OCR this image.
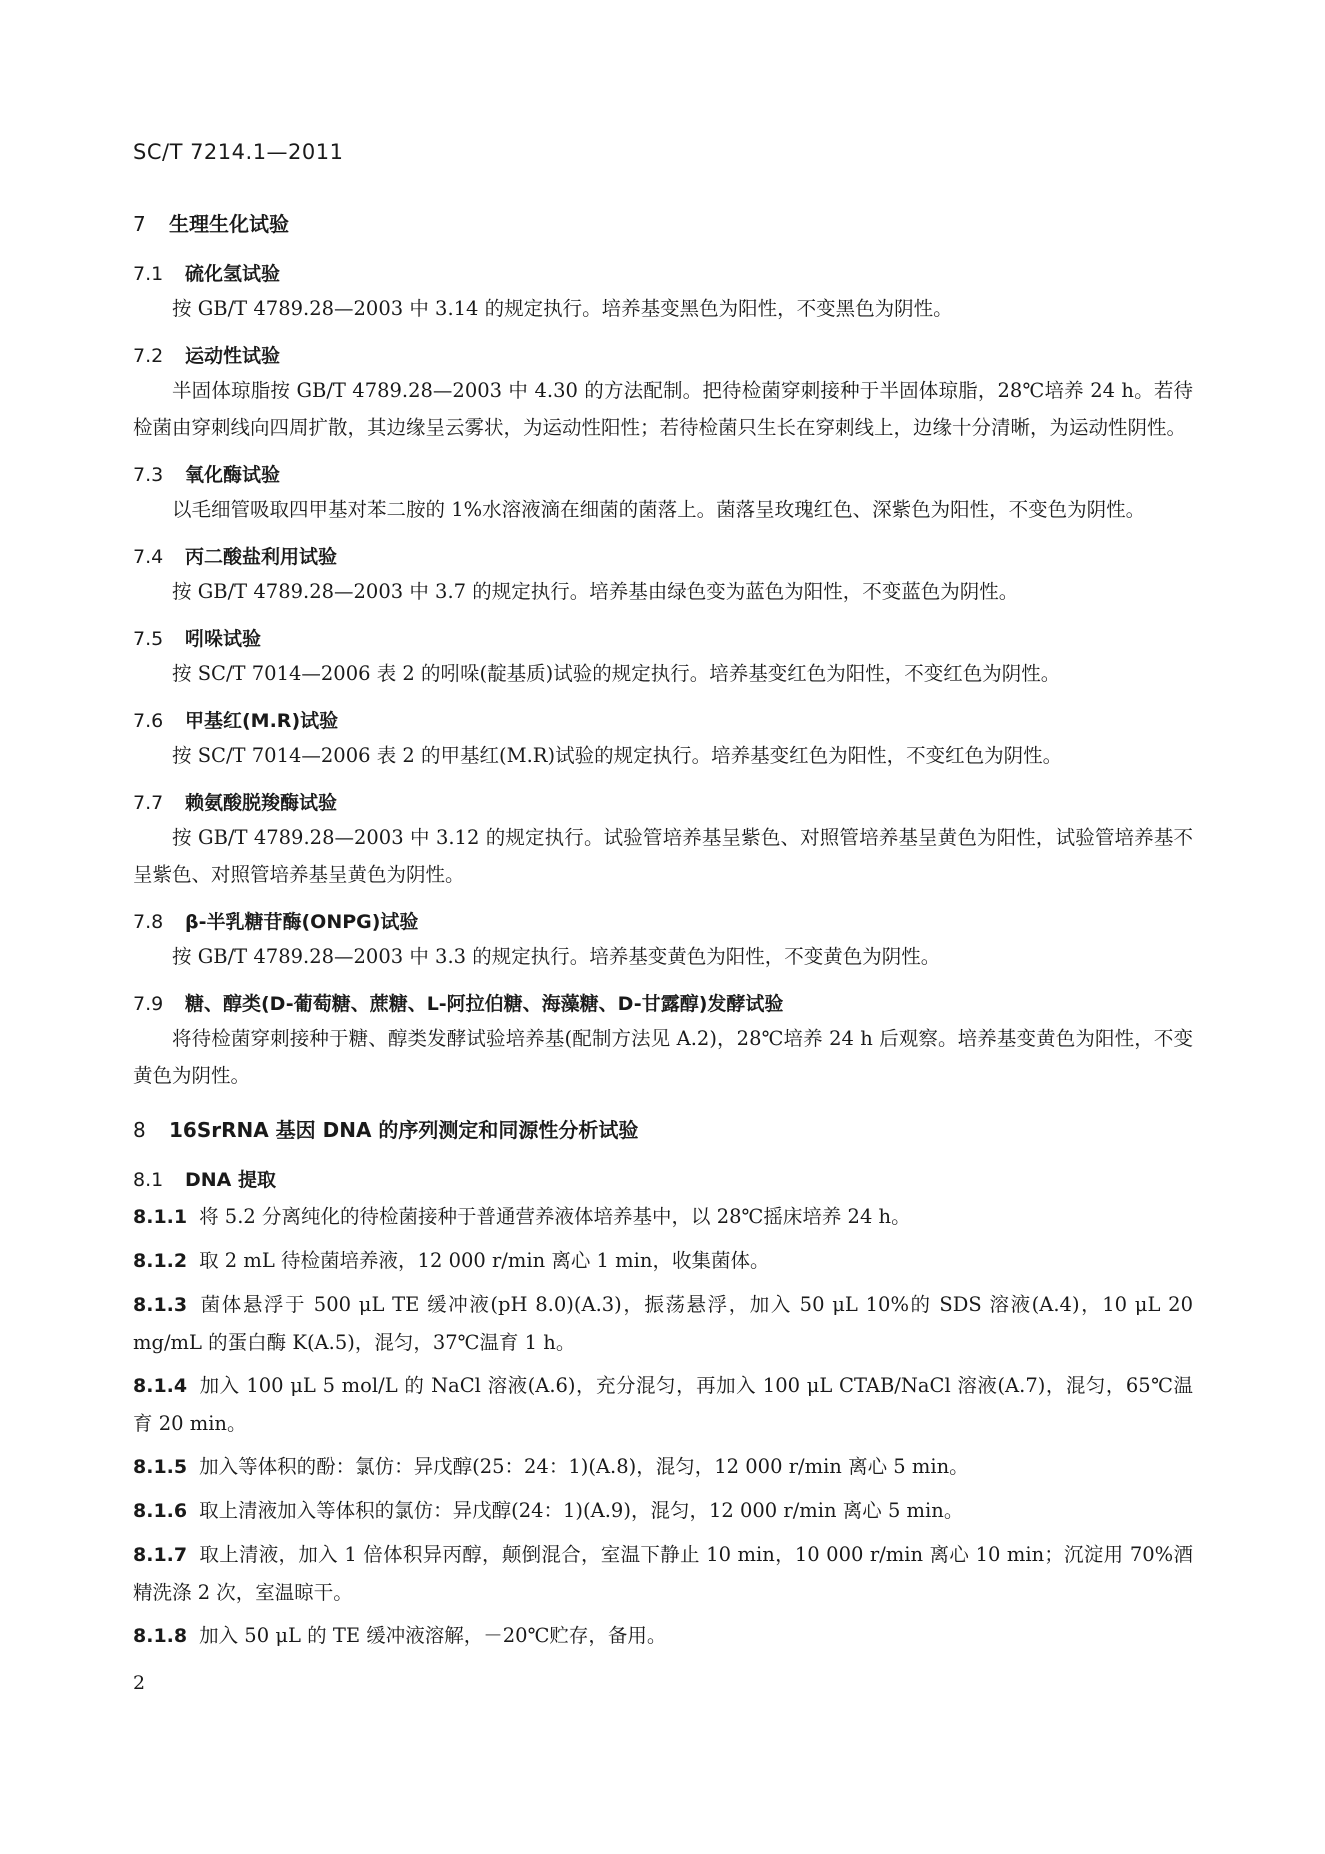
SC/T 7214.1—2011
7 生理生化试验
7.1 硫化氢试验

按 GB/T 4789.28—2003 中 3.14 的规定执行。培养基变黑色为阳性，不变黑色为阴性。

7.2 运动性试验

半固体琼脂按 GB/T 4789.28—2003 中 4.30 的方法配制。把待检菌穿刺接种于半固体琼脂，28℃培养 24 h。若待检菌由穿刺线向四周扩散，其边缘呈云雾状，为运动性阳性；若待检菌只生长在穿刺线上，边缘十分清晰，为运动性阴性。

7.3 氧化酶试验

以毛细管吸取四甲基对苯二胺的 1%水溶液滴在细菌的菌落上。菌落呈玫瑰红色、深紫色为阳性，不变色为阴性。

7.4 丙二酸盐利用试验

按 GB/T 4789.28—2003 中 3.7 的规定执行。培养基由绿色变为蓝色为阳性，不变蓝色为阴性。

7.5 吲哚试验

按 SC/T 7014—2006 表 2 的吲哚(靛基质)试验的规定执行。培养基变红色为阳性，不变红色为阴性。

7.6 甲基红(M.R)试验

按 SC/T 7014—2006 表 2 的甲基红(M.R)试验的规定执行。培养基变红色为阳性，不变红色为阴性。

7.7 赖氨酸脱羧酶试验

按 GB/T 4789.28—2003 中 3.12 的规定执行。试验管培养基呈紫色、对照管培养基呈黄色为阳性，试验管培养基不呈紫色、对照管培养基呈黄色为阴性。

7.8 β-半乳糖苷酶(ONPG)试验

按 GB/T 4789.28—2003 中 3.3 的规定执行。培养基变黄色为阳性，不变黄色为阴性。

7.9 糖、醇类(D-葡萄糖、蔗糖、L-阿拉伯糖、海藻糖、D-甘露醇)发酵试验

将待检菌穿刺接种于糖、醇类发酵试验培养基(配制方法见 A.2)，28℃培养 24 h 后观察。培养基变黄色为阳性，不变黄色为阴性。

8 16SrRNA 基因 DNA 的序列测定和同源性分析试验
8.1 DNA 提取

8.1.1 将 5.2 分离纯化的待检菌接种于普通营养液体培养基中，以 28℃摇床培养 24 h。

8.1.2 取 2 mL 待检菌培养液，12 000 r/min 离心 1 min，收集菌体。

8.1.3 菌体悬浮于 500 μL TE 缓冲液(pH 8.0)(A.3)，振荡悬浮，加入 50 μL 10%的 SDS 溶液(A.4)，10 μL 20 mg/mL 的蛋白酶 K(A.5)，混匀，37℃温育 1 h。

8.1.4 加入 100 μL 5 mol/L 的 NaCl 溶液(A.6)，充分混匀，再加入 100 μL CTAB/NaCl 溶液(A.7)，混匀，65℃温育 20 min。

8.1.5 加入等体积的酚：氯仿：异戊醇(25：24：1)(A.8)，混匀，12 000 r/min 离心 5 min。

8.1.6 取上清液加入等体积的氯仿：异戊醇(24：1)(A.9)，混匀，12 000 r/min 离心 5 min。

8.1.7 取上清液，加入 1 倍体积异丙醇，颠倒混合，室温下静止 10 min，10 000 r/min 离心 10 min；沉淀用 70%酒精洗涤 2 次，室温晾干。

8.1.8 加入 50 μL 的 TE 缓冲液溶解，－20℃贮存，备用。

2
